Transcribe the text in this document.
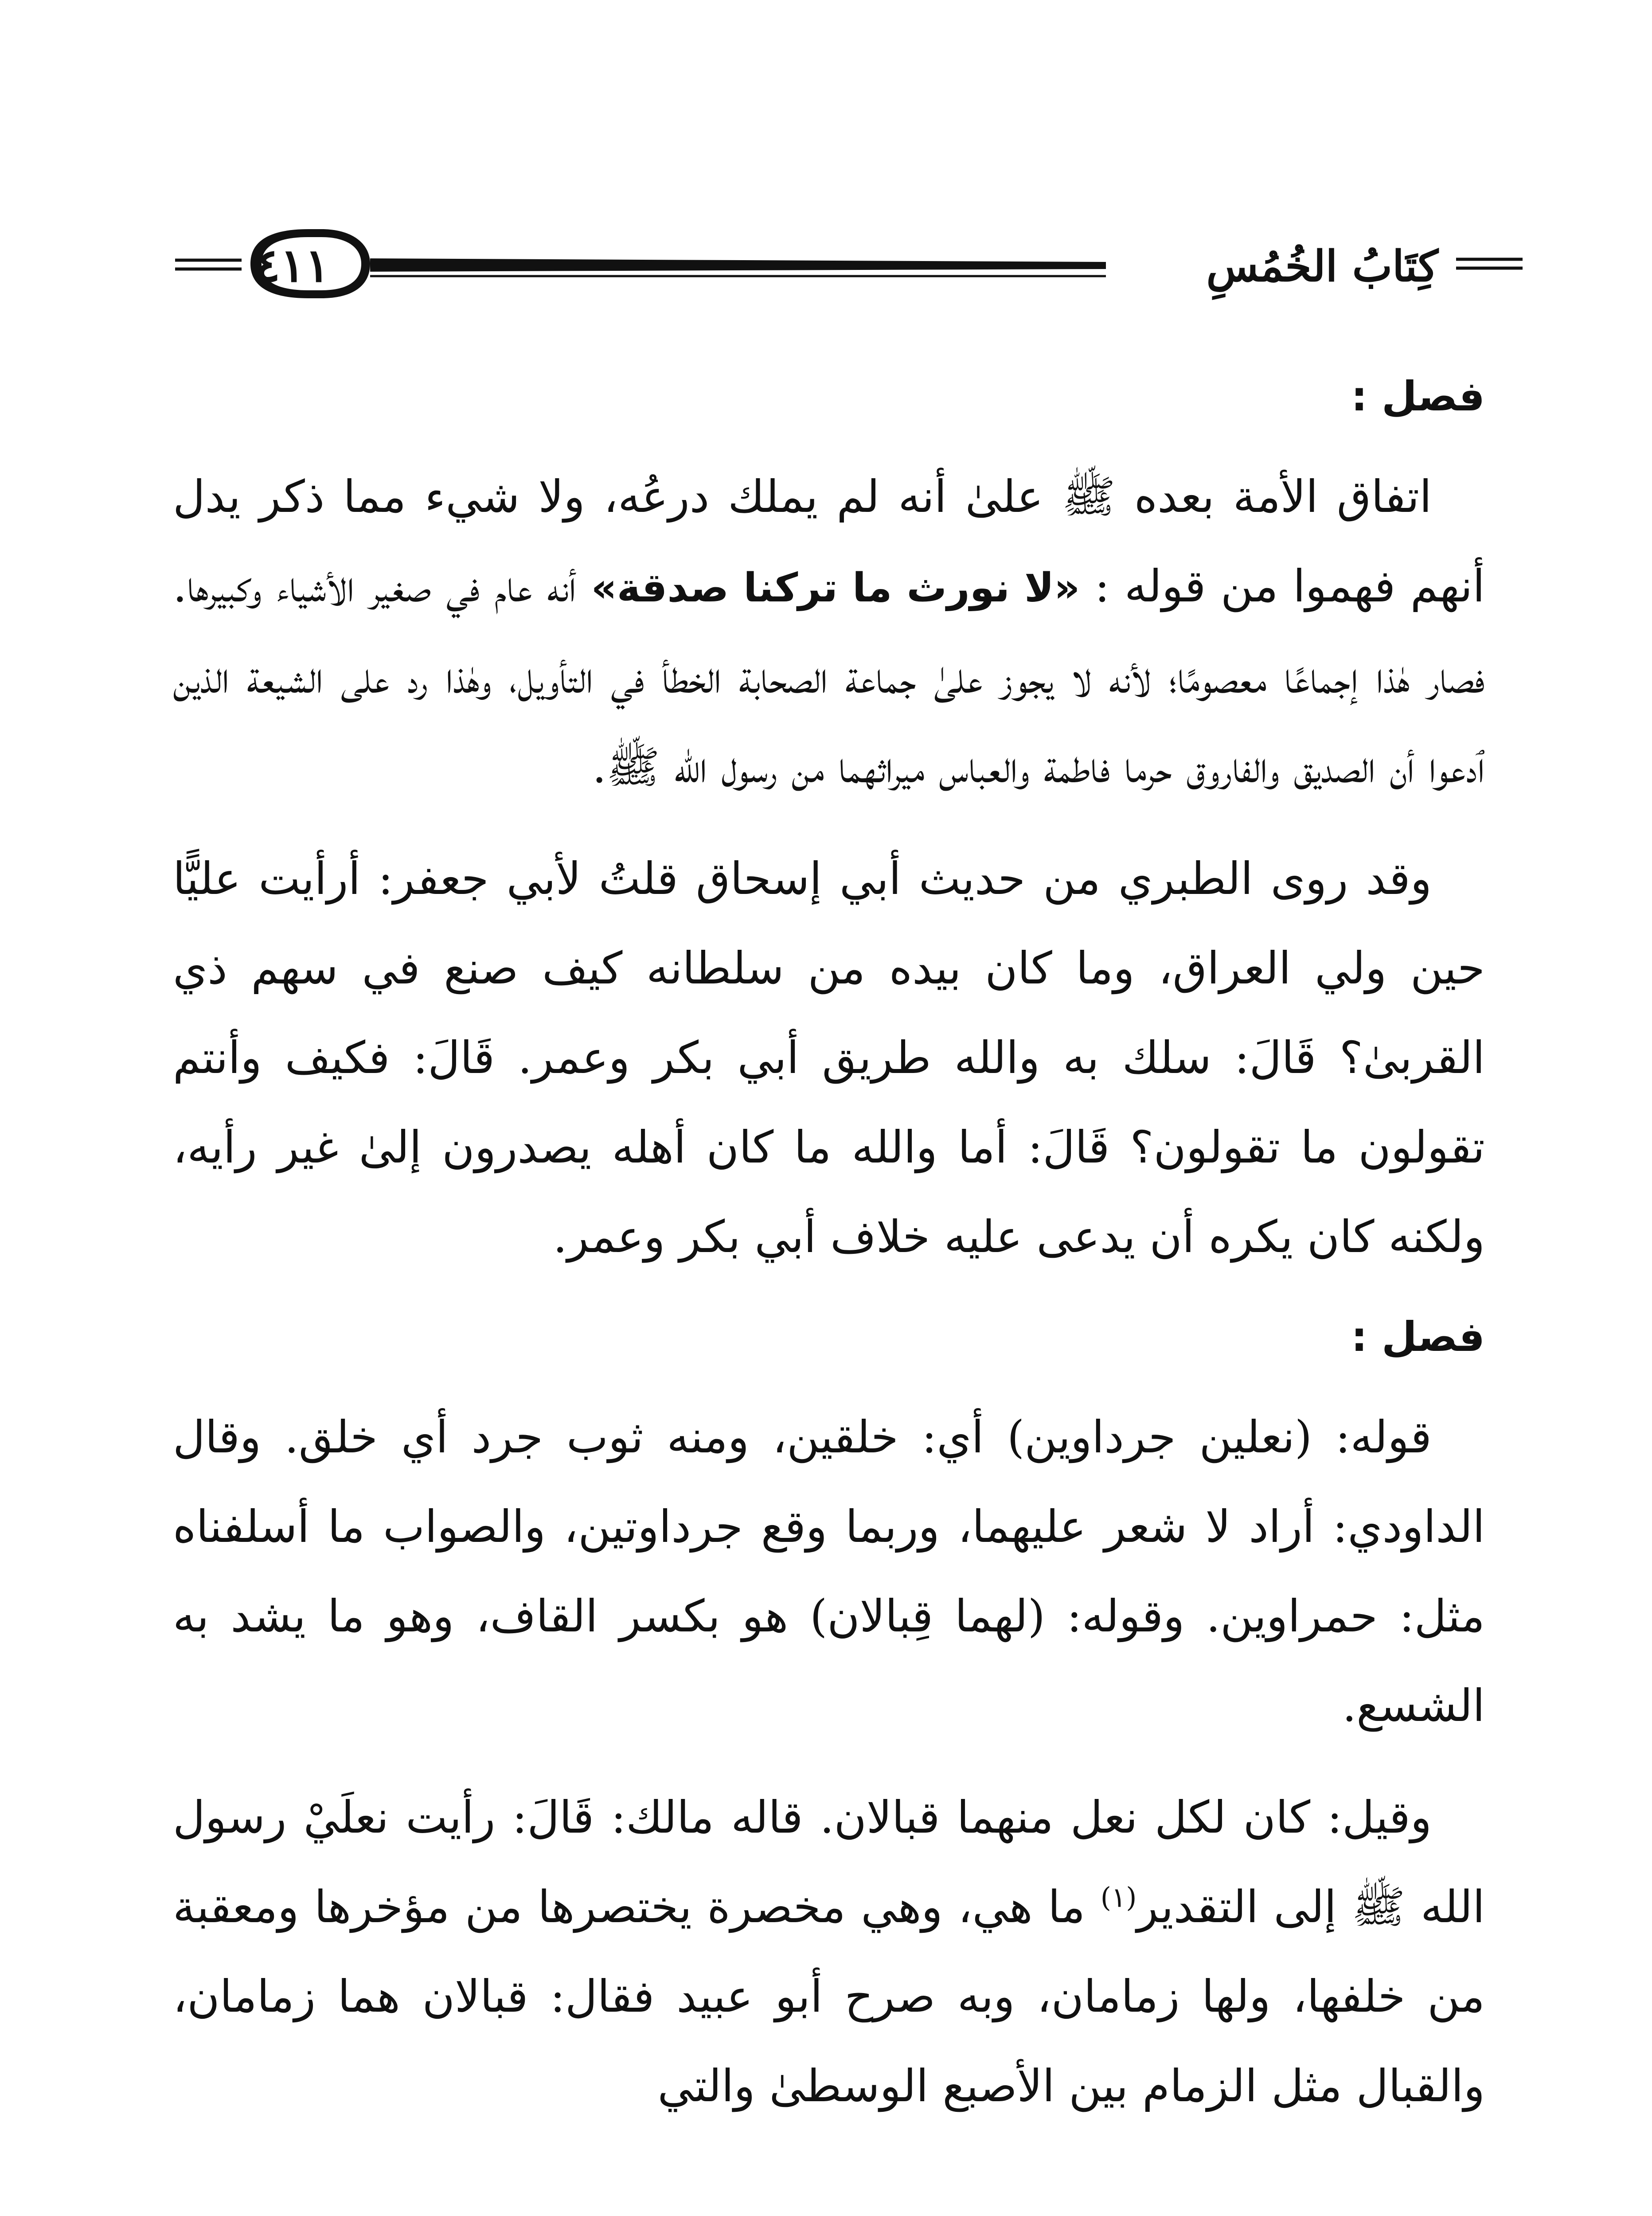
٤١١	كِتَابُ الخُمُسِ
فصل :

اتفاق الأمة بعده ﷺ علىٰ أنه لم يملك درعُه، ولا شيء مما ذكر يدل أنهم فهموا من قوله : «لا نورث ما تركنا صدقة» أنه عام في صغير الأشياء وكبيرها. فصار هٰذا إجماعًا معصومًا؛ لأنه لا يجوز علىٰ جماعة الصحابة الخطأ في التأويل، وهٰذا رد على الشيعة الذين ٱدعوا أن الصديق والفاروق حرما فاطمة والعباس ميراثهما من رسول الله ﷺ.

وقد روى الطبري من حديث أبي إسحاق قلتُ لأبي جعفر: أرأيت عليًّا حين ولي العراق، وما كان بيده من سلطانه كيف صنع في سهم ذي القربىٰ؟ قَالَ: سلك به والله طريق أبي بكر وعمر. قَالَ: فكيف وأنتم تقولون ما تقولون؟ قَالَ: أما والله ما كان أهله يصدرون إلىٰ غير رأيه، ولكنه كان يكره أن يدعى عليه خلاف أبي بكر وعمر.

فصل :

قوله: (نعلين جرداوين) أي: خلقين، ومنه ثوب جرد أي خلق. وقال الداودي: أراد لا شعر عليهما، وربما وقع جرداوتين، والصواب ما أسلفناه مثل: حمراوين. وقوله: (لهما قِبالان) هو بكسر القاف، وهو ما يشد به الشسع.

وقيل: كان لكل نعل منهما قبالان. قاله مالك: قَالَ: رأيت نعلَيْ رسول الله ﷺ إلى التقدير$^{(١)}$ ما هي، وهي مخصرة يختصرها من مؤخرها ومعقبة من خلفها، ولها زمامان، وبه صرح أبو عبيد فقال: قبالان هما زمامان، والقبال مثل الزمام بين الأصبع الوسطىٰ والتي
